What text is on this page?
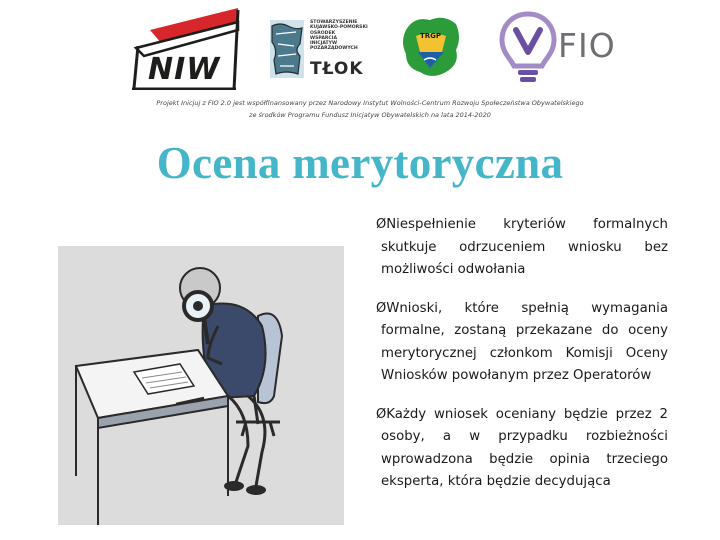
NIW
STOWARZYSZENIE
KUJAWSKO-POMORSKI
OŚRODEK
WSPARCIA
INICJATYW
POZARZĄDOWYCH
TŁOK
TRGP	FIO
Projekt Inicjuj z FIO 2.0 jest współfinansowany przez Narodowy Instytut Wolności-Centrum Rozwoju Społeczeństwa Obywatelskiego
ze środków Programu Fundusz Inicjatyw Obywatelskich na lata 2014-2020
Ocena merytoryczna
ØNiespełnienie kryteriów formalnych skutkuje odrzuceniem wniosku bez możliwości odwołania
ØWnioski, które spełnią wymagania formalne, zostaną przekazane do oceny merytorycznej członkom Komisji Oceny Wniosków powołanym przez Operatorów
ØKażdy wniosek oceniany będzie przez 2 osoby, a w przypadku rozbieżności wprowadzona będzie opinia trzeciego eksperta, która będzie decydująca
